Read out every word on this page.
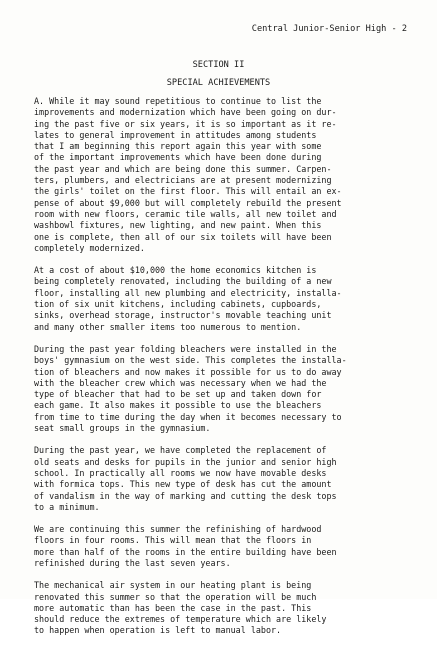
Central Junior-Senior High - 2
SECTION II
SPECIAL ACHIEVEMENTS
A. While it may sound repetitious to continue to list the
improvements and modernization which have been going on dur-
ing the past five or six years, it is so important as it re-
lates to general improvement in attitudes among students
that I am beginning this report again this year with some
of the important improvements which have been done during
the past year and which are being done this summer. Carpen-
ters, plumbers, and electricians are at present modernizing
the girls' toilet on the first floor. This will entail an ex-
pense of about $9,000 but will completely rebuild the present
room with new floors, ceramic tile walls, all new toilet and
washbowl fixtures, new lighting, and new paint. When this
one is complete, then all of our six toilets will have been
completely modernized.
At a cost of about $10,000 the home economics kitchen is
being completely renovated, including the building of a new
floor, installing all new plumbing and electricity, installa-
tion of six unit kitchens, including cabinets, cupboards,
sinks, overhead storage, instructor's movable teaching unit
and many other smaller items too numerous to mention.
During the past year folding bleachers were installed in the
boys' gymnasium on the west side. This completes the installa-
tion of bleachers and now makes it possible for us to do away
with the bleacher crew which was necessary when we had the
type of bleacher that had to be set up and taken down for
each game. It also makes it possible to use the bleachers
from time to time during the day when it becomes necessary to
seat small groups in the gymnasium.
During the past year, we have completed the replacement of
old seats and desks for pupils in the junior and senior high
school. In practically all rooms we now have movable desks
with formica tops. This new type of desk has cut the amount
of vandalism in the way of marking and cutting the desk tops
to a minimum.
We are continuing this summer the refinishing of hardwood
floors in four rooms. This will mean that the floors in
more than half of the rooms in the entire building have been
refinished during the last seven years.
The mechanical air system in our heating plant is being
renovated this summer so that the operation will be much
more automatic than has been the case in the past. This
should reduce the extremes of temperature which are likely
to happen when operation is left to manual labor.
